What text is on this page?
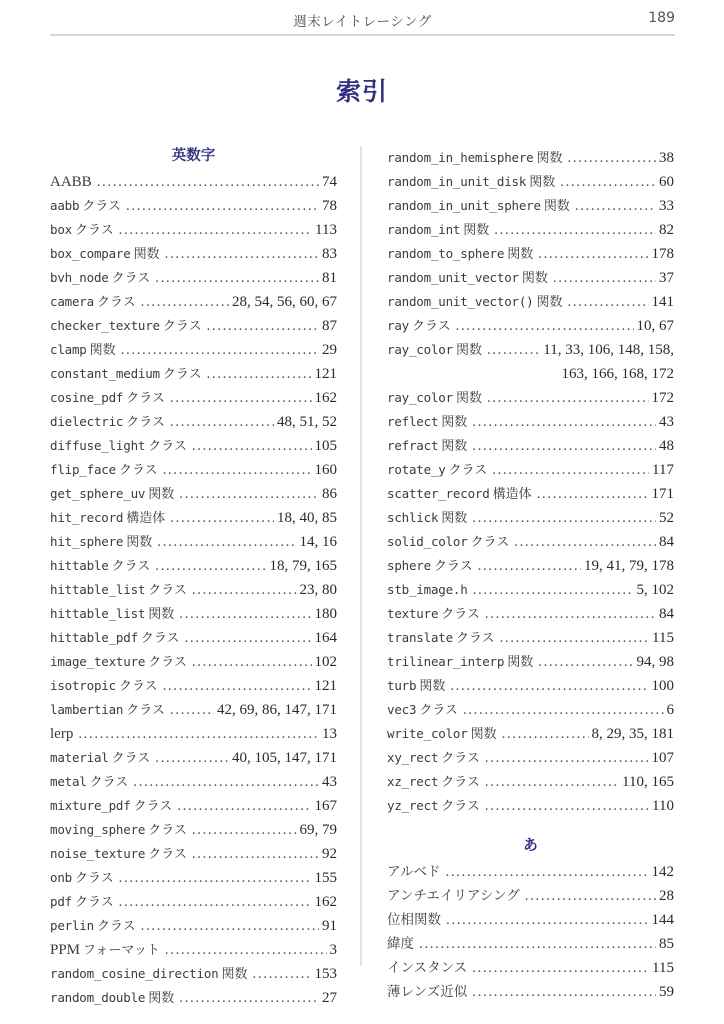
週末レイトレーシング	189
索引
英数字
AABB .....	74
aabb クラス .....	78
box クラス .....	113
box_compare 関数 .....	83
bvh_node クラス .....	81
camera クラス .....	28, 54, 56, 60, 67
checker_texture クラス .....	87
clamp 関数 .....	29
constant_medium クラス .....	121
cosine_pdf クラス .....	162
dielectric クラス .....	48, 51, 52
diffuse_light クラス .....	105
flip_face クラス .....	160
get_sphere_uv 関数 .....	86
hit_record 構造体 .....	18, 40, 85
hit_sphere 関数 .....	14, 16
hittable クラス .....	18, 79, 165
hittable_list クラス .....	23, 80
hittable_list 関数 .....	180
hittable_pdf クラス .....	164
image_texture クラス .....	102
isotropic クラス .....	121
lambertian クラス .....	42, 69, 86, 147, 171
lerp .....	13
material クラス .....	40, 105, 147, 171
metal クラス .....	43
mixture_pdf クラス .....	167
moving_sphere クラス .....	69, 79
noise_texture クラス .....	92
onb クラス .....	155
pdf クラス .....	162
perlin クラス .....	91
PPM フォーマット .....	3
random_cosine_direction 関数 .....	153
random_double 関数 .....	27
random_in_hemisphere 関数 .....	38
random_in_unit_disk 関数 .....	60
random_in_unit_sphere 関数 .....	33
random_int 関数 .....	82
random_to_sphere 関数 .....	178
random_unit_vector 関数 .....	37
random_unit_vector() 関数 .....	141
ray クラス .....	10, 67
ray_color 関数 .....	11, 33, 106, 148, 158,
163, 166, 168, 172
ray_color 関数 .....	172
reflect 関数 .....	43
refract 関数 .....	48
rotate_y クラス .....	117
scatter_record 構造体 .....	171
schlick 関数 .....	52
solid_color クラス .....	84
sphere クラス .....	19, 41, 79, 178
stb_image.h .....	5, 102
texture クラス .....	84
translate クラス .....	115
trilinear_interp 関数 .....	94, 98
turb 関数 .....	100
vec3 クラス .....	6
write_color 関数 .....	8, 29, 35, 181
xy_rect クラス .....	107
xz_rect クラス .....	110, 165
yz_rect クラス .....	110
あ
アルベド .....	142
アンチエイリアシング .....	28
位相関数 .....	144
緯度 .....	85
インスタンス .....	115
薄レンズ近似 .....	59
